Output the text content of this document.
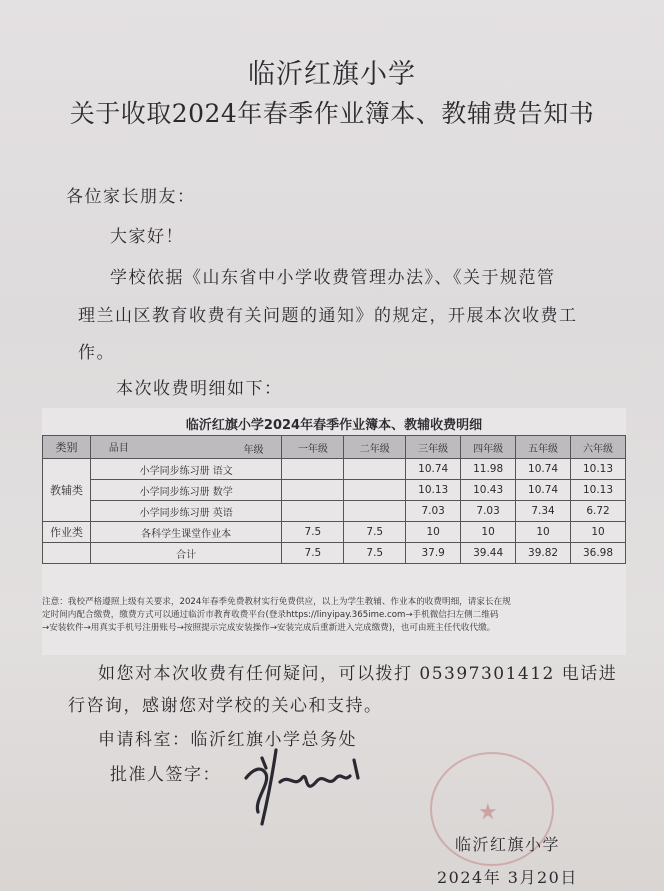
临沂红旗小学
关于收取2024年春季作业簿本、教辅费告知书
各位家长朋友：
大家好！
学校依据《山东省中小学收费管理办法》、《关于规范管
理兰山区教育收费有关问题的通知》的规定，开展本次收费工
作。
本次收费明细如下：
临沂红旗小学2024年春季作业簿本、教辅收费明细
类别	品目 年级	一年级	二年级	三年级	四年级	五年级	六年级
教辅类	小学同步练习册 语文			10.74	11.98	10.74	10.13
	小学同步练习册 数学			10.13	10.43	10.74	10.13
	小学同步练习册 英语			7.03	7.03	7.34	6.72
作业类	各科学生课堂作业本	7.5	7.5	10	10	10	10
	合计	7.5	7.5	37.9	39.44	39.82	36.98
注意：我校严格遵照上级有关要求，2024年春季免费教材实行免费供应，以上为学生教辅、作业本的收费明细，请家长在规
定时间内配合缴费，缴费方式可以通过临沂市教育收费平台(登录https://linyipay.365ime.com→手机微信扫左侧二维码
→安装软件→用真实手机号注册账号→按照提示完成安装操作→安装完成后重新进入完成缴费)，也可由班主任代收代缴。
如您对本次收费有任何疑问，可以拨打 05397301412 电话进
行咨询，感谢您对学校的关心和支持。
申请科室：临沂红旗小学总务处
批准人签字：
★
临沂红旗小学
2024年 3月20日
